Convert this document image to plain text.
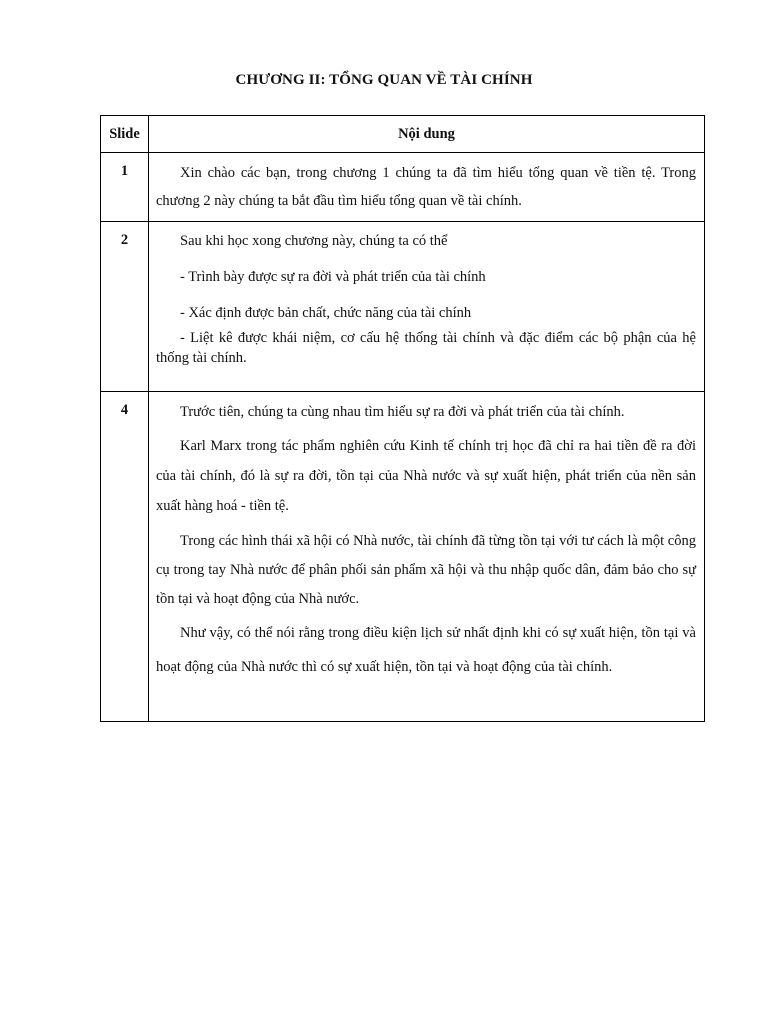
CHƯƠNG II: TỔNG QUAN VỀ TÀI CHÍNH
Slide	Nội dung
1	Xin chào các bạn, trong chương 1 chúng ta đã tìm hiểu tổng quan về tiền tệ. Trong chương 2 này chúng ta bắt đầu tìm hiểu tổng quan về tài chính.

2	Sau khi học xong chương này, chúng ta có thể

- Trình bày được sự ra đời và phát triển của tài chính

- Xác định được bản chất, chức năng của tài chính

- Liệt kê được khái niệm, cơ cấu hệ thống tài chính và đặc điểm các bộ phận của hệ thống tài chính.

4	Trước tiên, chúng ta cùng nhau tìm hiểu sự ra đời và phát triển của tài chính.

Karl Marx trong tác phẩm nghiên cứu Kinh tế chính trị học đã chỉ ra hai tiền đề ra đời của tài chính, đó là sự ra đời, tồn tại của Nhà nước và sự xuất hiện, phát triển của nền sản xuất hàng hoá - tiền tệ.

Trong các hình thái xã hội có Nhà nước, tài chính đã từng tồn tại với tư cách là một công cụ trong tay Nhà nước để phân phối sản phẩm xã hội và thu nhập quốc dân, đảm bảo cho sự tồn tại và hoạt động của Nhà nước.

Như vậy, có thể nói rằng trong điều kiện lịch sử nhất định khi có sự xuất hiện, tồn tại và hoạt động của Nhà nước thì có sự xuất hiện, tồn tại và hoạt động của tài chính.
